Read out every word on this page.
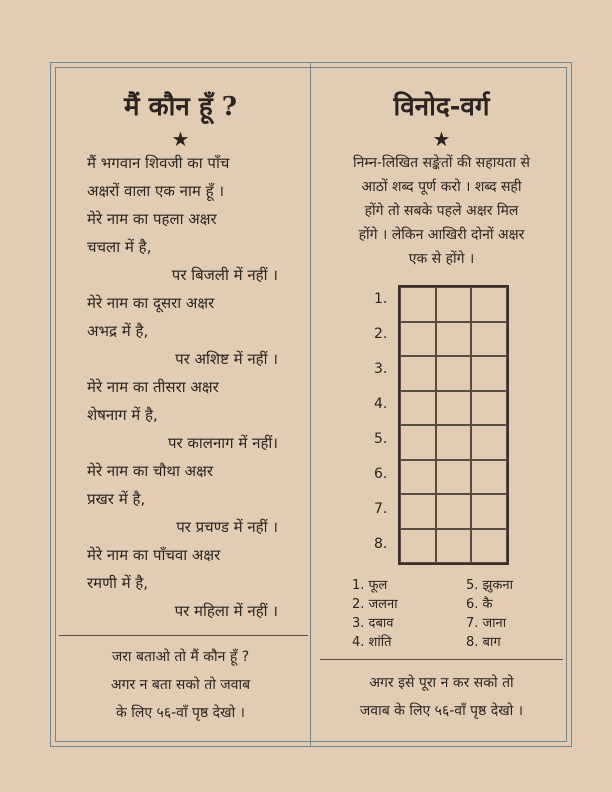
मैं कौन हूँ ?
★
मैं भगवान शिवजी का पाँच
अक्षरों वाला एक नाम हूँ ।
मेरे नाम का पहला अक्षर
चचला में है,
पर बिजली में नहीं ।
मेरे नाम का दूसरा अक्षर
अभद्र में है,
पर अशिष्ट में नहीं ।
मेरे नाम का तीसरा अक्षर
शेषनाग में है,
पर कालनाग में नहीं।
मेरे नाम का चौथा अक्षर
प्रखर में है,
पर प्रचण्ड में नहीं ।
मेरे नाम का पाँचवा अक्षर
रमणी में है,
पर महिला में नहीं ।
जरा बताओ तो मैं कौन हूँ ?
अगर न बता सको तो जवाब
के लिए ५६-वाँ पृष्ठ देखो ।
विनोद-वर्ग
★
निम्न-लिखित सङ्केतों की सहायता से
आठों शब्द पूर्ण करो । शब्द सही
होंगे तो सबके पहले अक्षर मिल
होंगे । लेकिन आखिरी दोनों अक्षर
एक से होंगे ।
1.
2.
3.
4.
5.
6.
7.
8.
1. फूल
2. जलना
3. दबाव
4. शांति
5. झुकना
6. कै
7. जाना
8. बाग
अगर इसे पूरा न कर सको तो
जवाब के लिए ५६-वाँ पृष्ठ देखो ।
